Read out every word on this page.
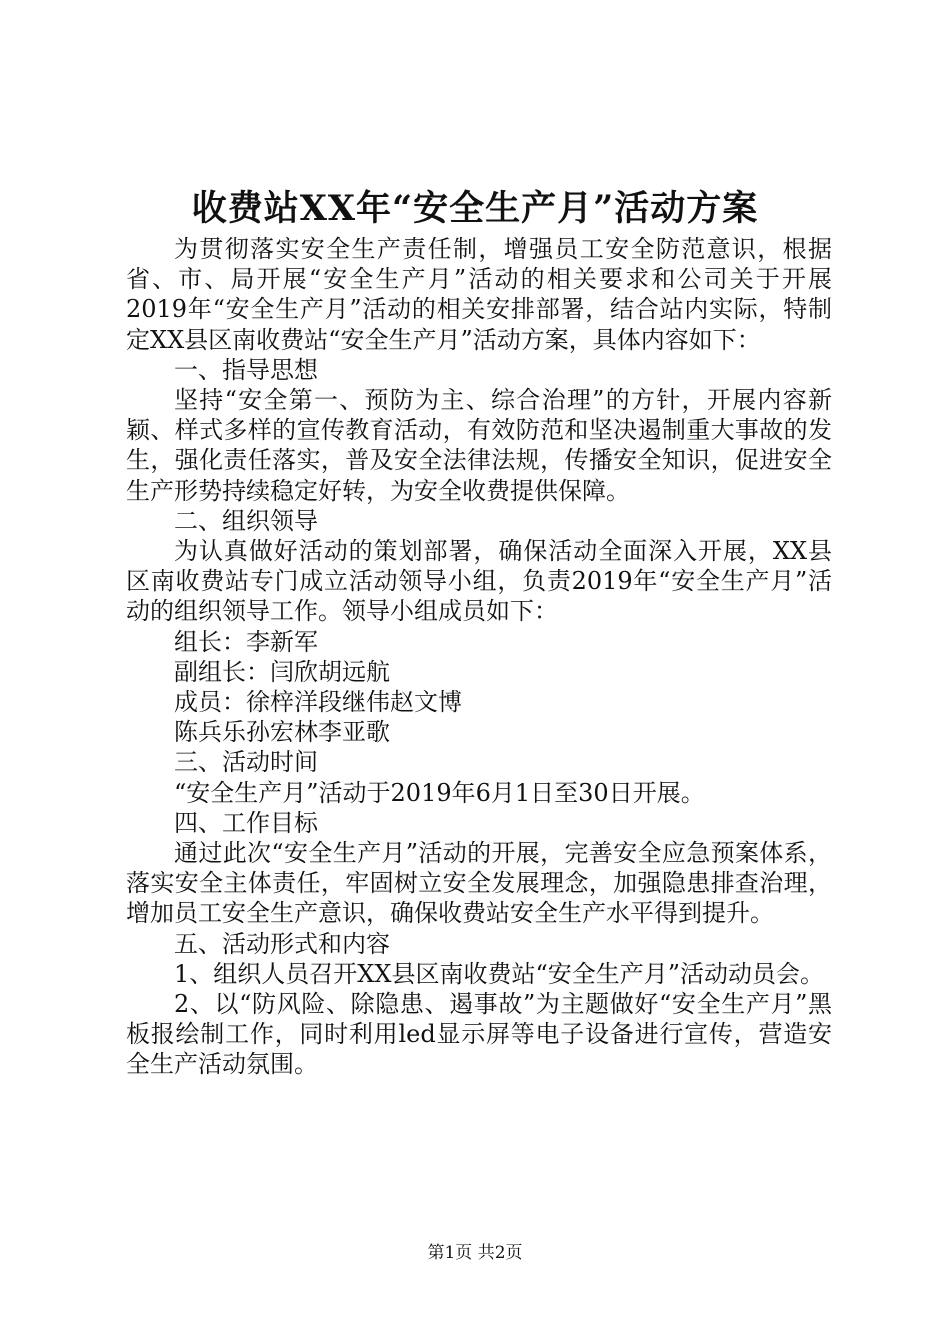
收费站XX年“安全生产月”活动方案

为贯彻落实安全生产责任制，增强员工安全防范意识，根据省、市、局开展“安全生产月”活动的相关要求和公司关于开展2019年“安全生产月”活动的相关安排部署，结合站内实际，特制定XX县区南收费站“安全生产月”活动方案，具体内容如下：

一、指导思想

坚持“安全第一、预防为主、综合治理”的方针，开展内容新颖、样式多样的宣传教育活动，有效防范和坚决遏制重大事故的发生，强化责任落实，普及安全法律法规，传播安全知识，促进安全生产形势持续稳定好转，为安全收费提供保障。

二、组织领导

为认真做好活动的策划部署，确保活动全面深入开展，XX县区南收费站专门成立活动领导小组，负责2019年“安全生产月”活动的组织领导工作。领导小组成员如下：

组长：李新军

副组长：闫欣胡远航

成员：徐梓洋段继伟赵文博

陈兵乐孙宏林李亚歌

三、活动时间

“安全生产月”活动于2019年6月1日至30日开展。

四、工作目标

通过此次“安全生产月”活动的开展，完善安全应急预案体系，落实安全主体责任，牢固树立安全发展理念，加强隐患排查治理，增加员工安全生产意识，确保收费站安全生产水平得到提升。

五、活动形式和内容

1、组织人员召开XX县区南收费站“安全生产月”活动动员会。

2、以“防风险、除隐患、遏事故”为主题做好“安全生产月”黑板报绘制工作，同时利用led显示屏等电子设备进行宣传，营造安全生产活动氛围。

第1页 共2页
